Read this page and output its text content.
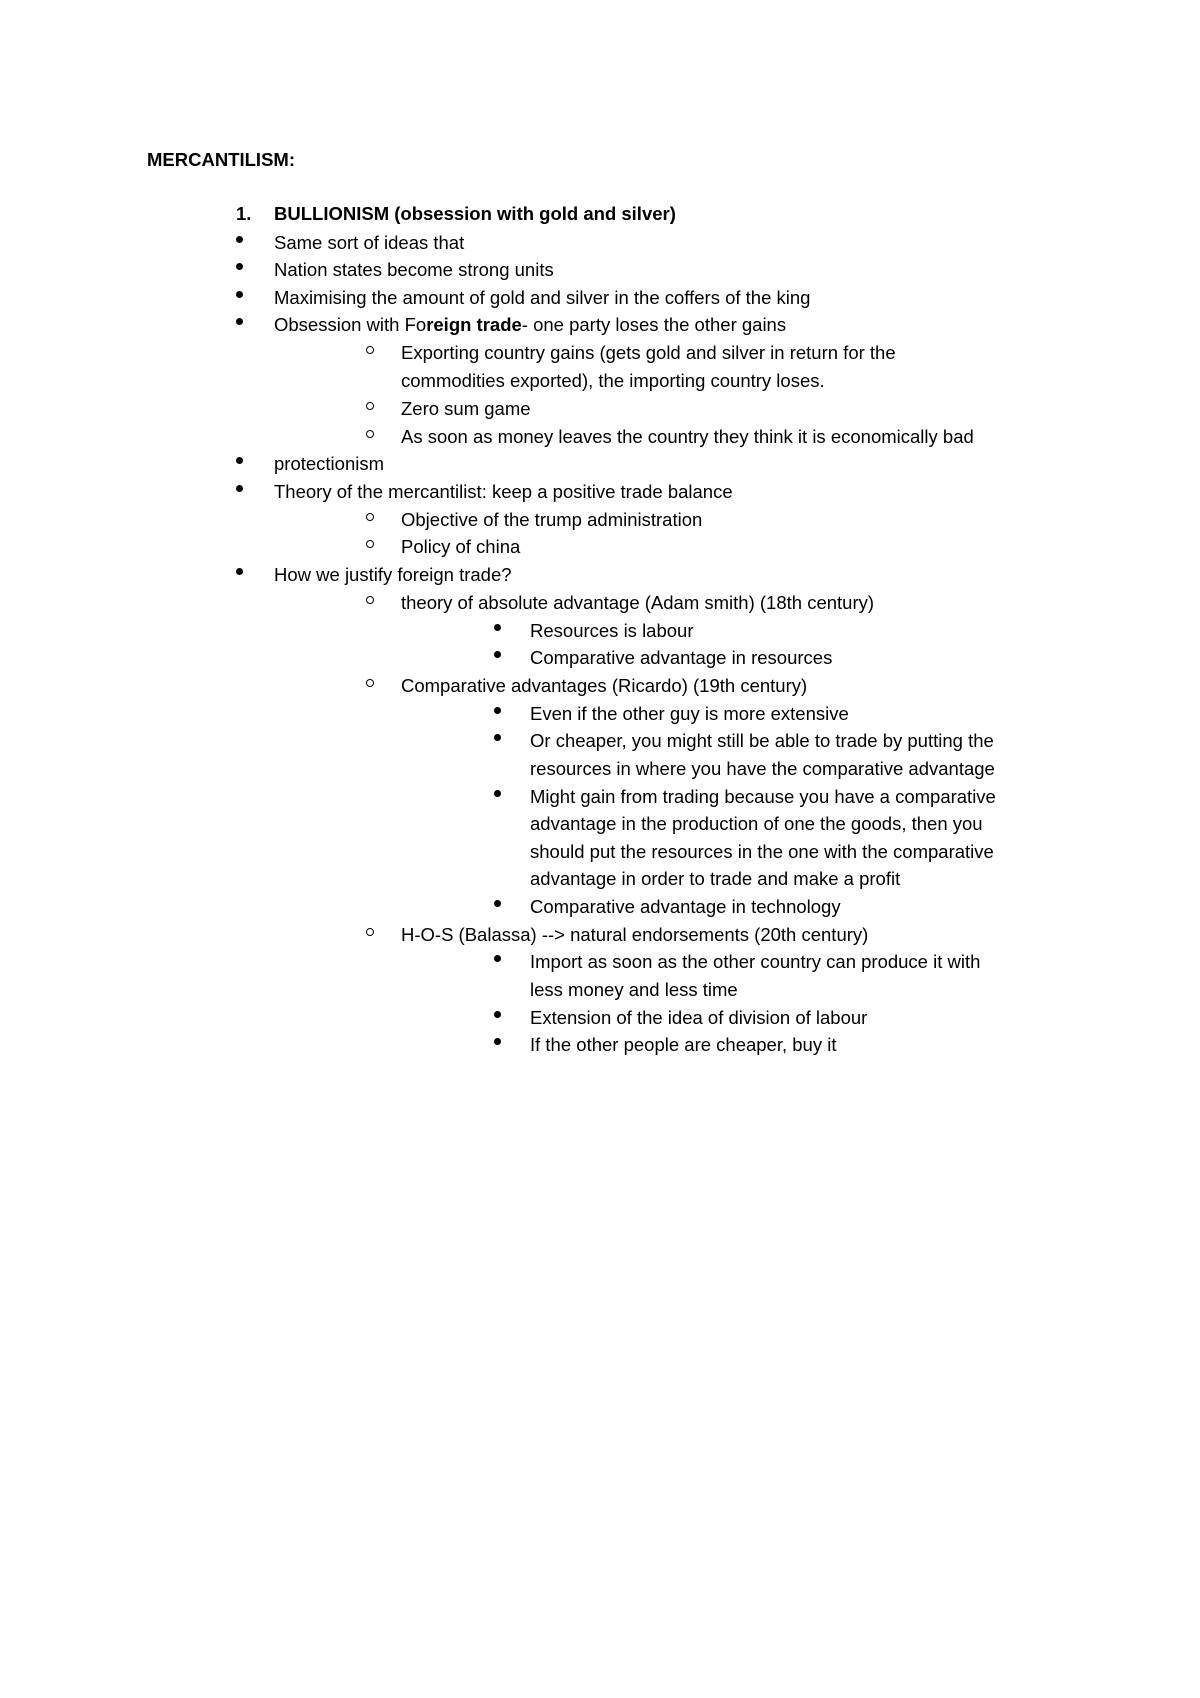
MERCANTILISM:
1. BULLIONISM (obsession with gold and silver)
Same sort of ideas that
Nation states become strong units
Maximising the amount of gold and silver in the coffers of the king
Obsession with Foreign trade- one party loses the other gains
Exporting country gains (gets gold and silver in return for the
commodities exported), the importing country loses.
Zero sum game
As soon as money leaves the country they think it is economically bad
protectionism
Theory of the mercantilist: keep a positive trade balance
Objective of the trump administration
Policy of china
How we justify foreign trade?
theory of absolute advantage (Adam smith) (18th century)
Resources is labour
Comparative advantage in resources
Comparative advantages (Ricardo) (19th century)
Even if the other guy is more extensive
Or cheaper, you might still be able to trade by putting the
resources in where you have the comparative advantage
Might gain from trading because you have a comparative
advantage in the production of one the goods, then you
should put the resources in the one with the comparative
advantage in order to trade and make a profit
Comparative advantage in technology
H-O-S (Balassa) --> natural endorsements (20th century)
Import as soon as the other country can produce it with
less money and less time
Extension of the idea of division of labour
If the other people are cheaper, buy it
